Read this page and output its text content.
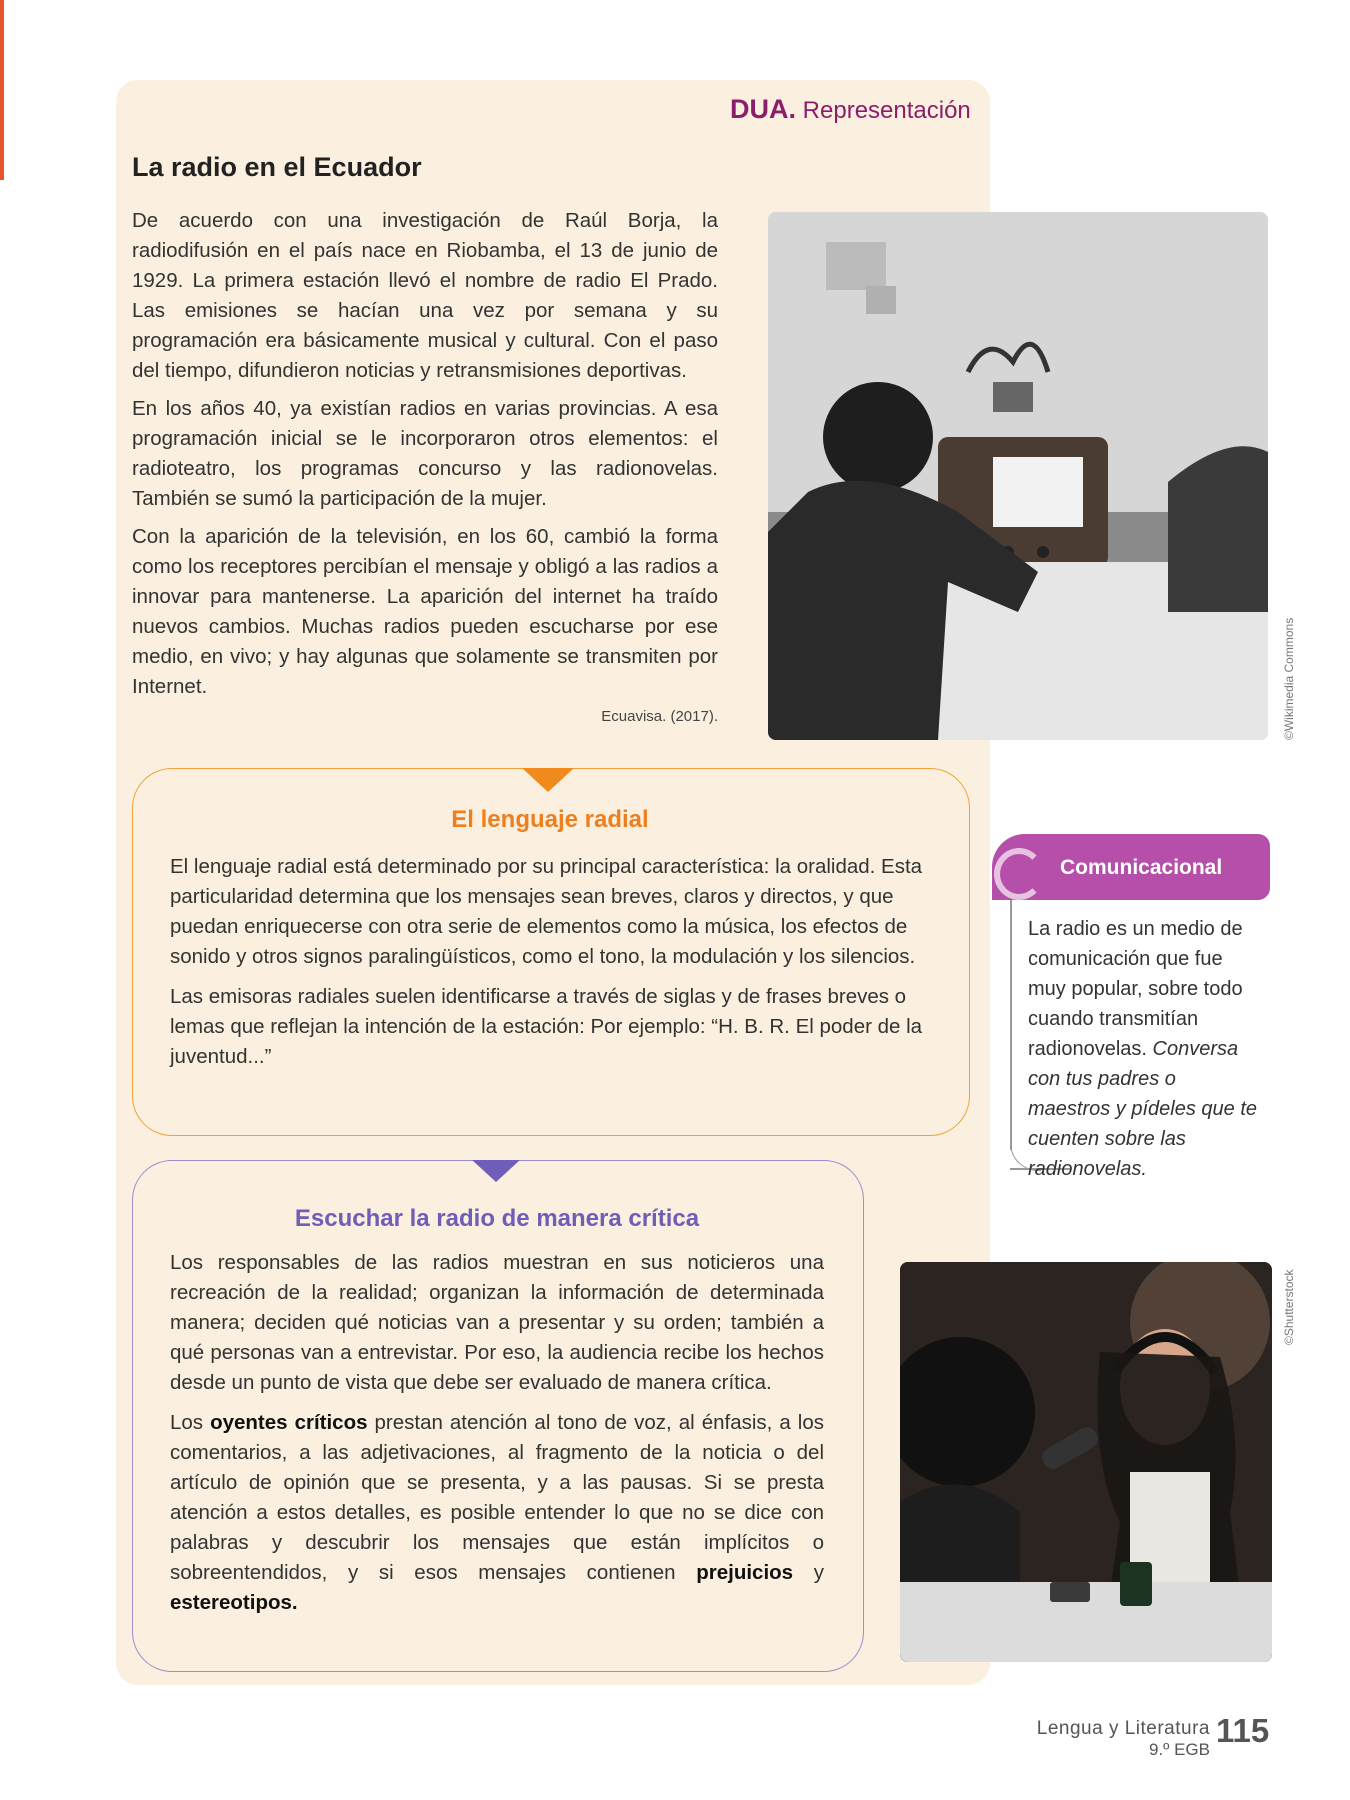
DUA. Representación
La radio en el Ecuador

De acuerdo con una investigación de Raúl Borja, la radiodifusión en el país nace en Riobamba, el 13 de junio de 1929. La primera estación llevó el nombre de radio El Prado. Las emisiones se hacían una vez por semana y su programación era básicamente musical y cultural. Con el paso del tiempo, difundieron noticias y retransmisiones deportivas.

En los años 40, ya existían radios en varias provincias. A esa programación inicial se le incorporaron otros elementos: el radioteatro, los programas concurso y las radionovelas. También se sumó la participación de la mujer.

Con la aparición de la televisión, en los 60, cambió la forma como los receptores percibían el mensaje y obligó a las radios a innovar para mantenerse. La aparición del internet ha traído nuevos cambios. Muchas radios pueden escucharse por ese medio, en vivo; y hay algunas que solamente se transmiten por Internet.

Ecuavisa. (2017).	©Wikimedia Commons
El lenguaje radial

El lenguaje radial está determinado por su principal característica: la oralidad. Esta particularidad determina que los mensajes sean breves, claros y directos, y que puedan enriquecerse con otra serie de elementos como la música, los efectos de sonido y otros signos paralingüísticos, como el tono, la modulación y los silencios.

Las emisoras radiales suelen identificarse a través de siglas y de frases breves o lemas que reflejan la intención de la estación: Por ejemplo: “H. B. R. El poder de la juventud...”

Escuchar la radio de manera crítica

Los responsables de las radios muestran en sus noticieros una recreación de la realidad; organizan la información de determinada manera; deciden qué noticias van a presentar y su orden; también a qué personas van a entrevistar. Por eso, la audiencia recibe los hechos desde un punto de vista que debe ser evaluado de manera crítica.

Los oyentes críticos prestan atención al tono de voz, al énfasis, a los comentarios, a las adjetivaciones, al fragmento de la noticia o del artículo de opinión que se presenta, y a las pausas. Si se presta atención a estos detalles, es posible entender lo que no se dice con palabras y descubrir los mensajes que están implícitos o sobreentendidos, y si esos mensajes contienen prejuicios y estereotipos.

Comunicacional
La radio es un medio de comunicación que fue muy popular, sobre todo cuando transmitían radionovelas. Conversa con tus padres o maestros y pídeles que te cuenten sobre las radionovelas.
©Shutterstock
Lengua y Literatura
9.º EGB
115
